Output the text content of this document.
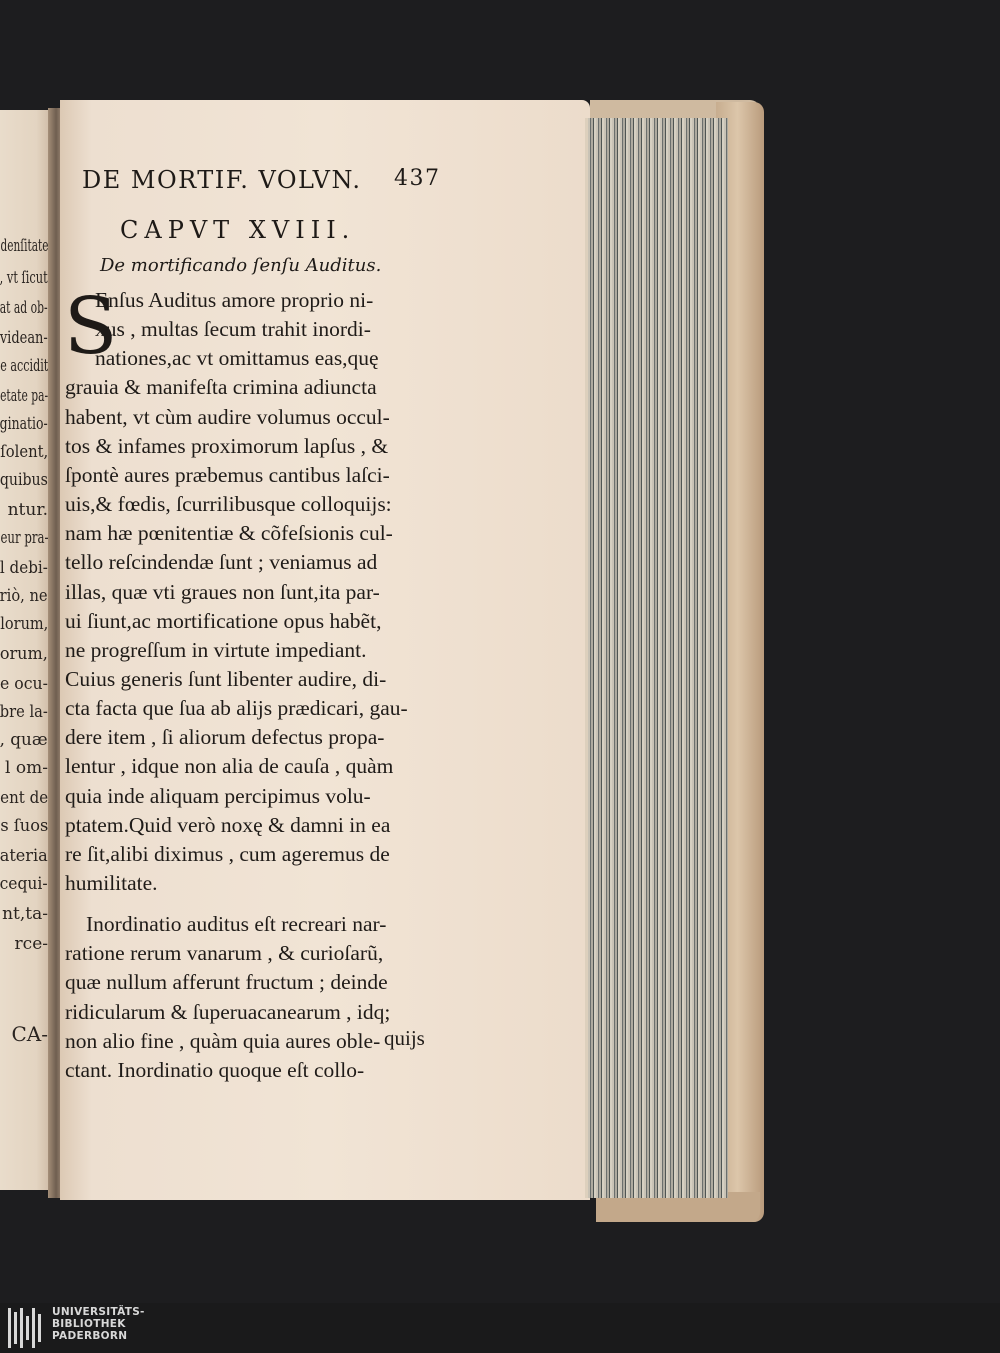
denſitate
, vt ſicut
at ad ob-
videan-
e accidit
etate pa-
ginatio-
ſolent,
quibus
ntur.
eur pra-
l debi-
riò, ne
lorum,
orum,
e ocu-
bre la-
, quæ
l om-
ent de
s ſuos
ateria
cequi-
nt,ta-
rce-
CA-
DE MORTIF. VOLVN. 437
CAPVT XVIII.
De mortificando ſenſu Auditus.
S
Enſus Auditus amore proprio ni-
xus , multas ſecum trahit inordi-
nationes,ac vt omittamus eas,quę
grauia & manifeſta crimina adiuncta
habent, vt cùm audire volumus occul-
tos & infames proximorum lapſus , &
ſpontè aures præbemus cantibus laſci-
uis,& fœdis, ſcurrilibusque colloquijs:
nam hæ pœnitentiæ & cõfeſsionis cul-
tello reſcindendæ ſunt ; veniamus ad
illas, quæ vti graues non ſunt,ita par-
ui ſiunt,ac mortificatione opus habẽt,
ne progreſſum in virtute impediant.
Cuius generis ſunt libenter audire, di-
cta facta que ſua ab alijs prædicari, gau-
dere item , ſi aliorum defectus propa-
lentur , idque non alia de cauſa , quàm
quia inde aliquam percipimus volu-
ptatem.Quid verò noxę & damni in ea
re ſit,alibi diximus , cum ageremus de
humilitate.
Inordinatio auditus eſt recreari nar-
ratione rerum vanarum , & curioſarũ,
quæ nullum afferunt fructum ; deinde
ridicularum & ſuperuacanearum , idq;
non alio fine , quàm quia aures oble-
ctant. Inordinatio quoque eſt collo-
quijs
UNIVERSITÄTS-
BIBLIOTHEK
PADERBORN
